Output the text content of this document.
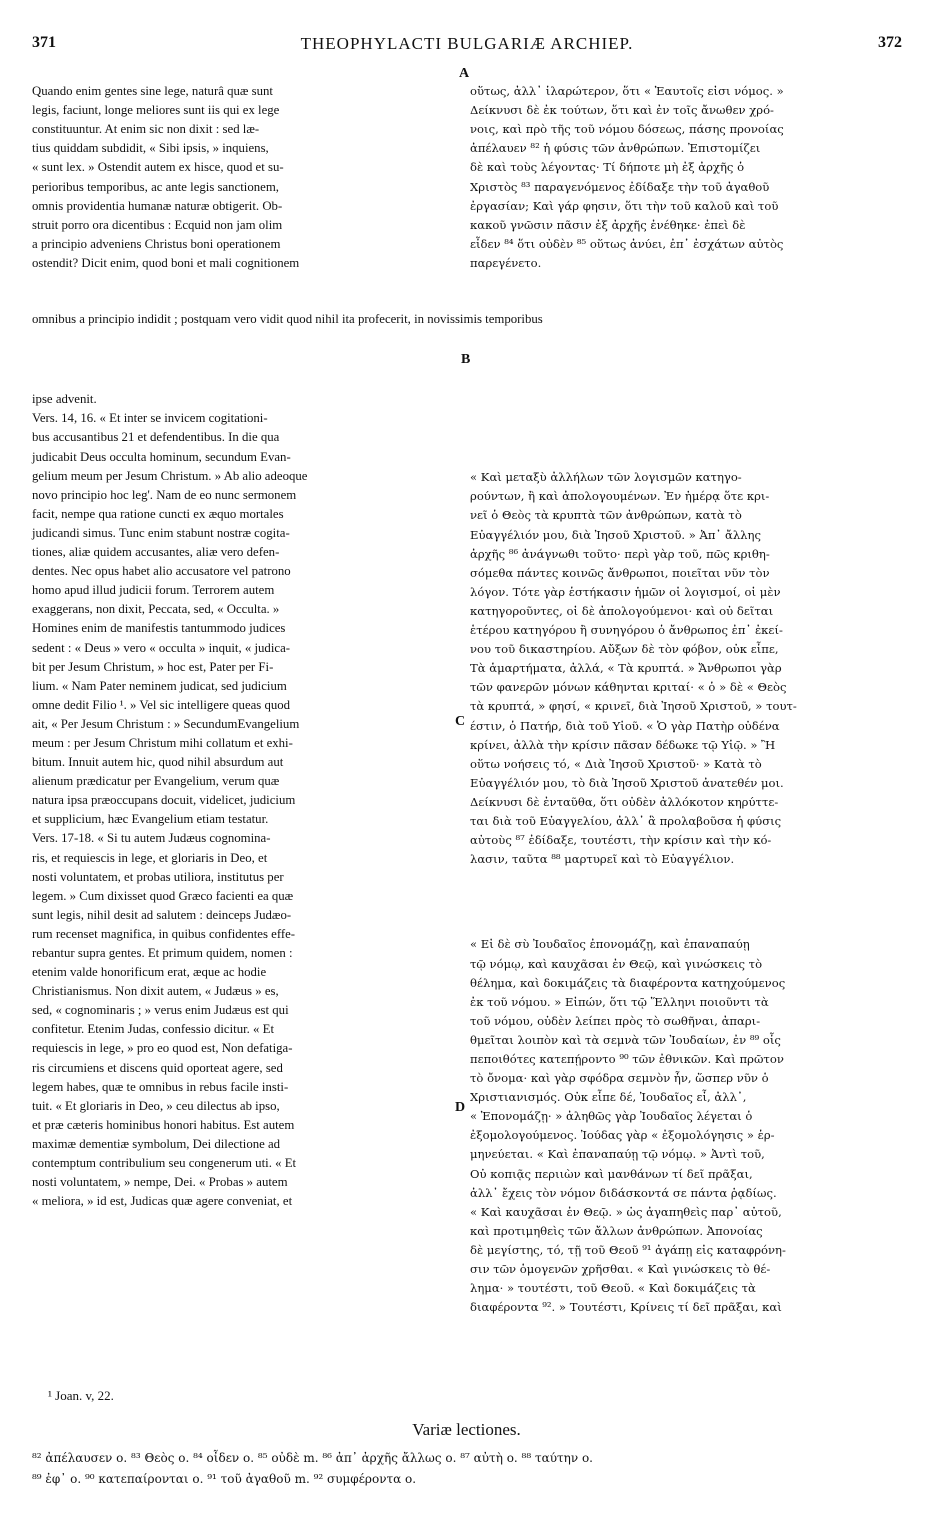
371	THEOPHYLACTI BULGARIÆ ARCHIEP.	372

Quando enim gentes sine lege, naturâ quæ sunt
legis, faciunt, longe meliores sunt iis qui ex lege
constituuntur. At enim sic non dixit : sed læ-
tius quiddam subdidit, « Sibi ipsis, » inquiens,
« sunt lex. » Ostendit autem ex hisce, quod et su-
perioribus temporibus, ac ante legis sanctionem,
omnis providentia humanæ naturæ obtigerit. Ob-
struit porro ora dicentibus : Ecquid non jam olim
a principio adveniens Christus boni operationem
ostendit? Dicit enim, quod boni et mali cognitionem

ipse advenit.
Vers. 14, 16. « Et inter se invicem cogitationi-
bus accusantibus 21 et defendentibus. In die qua
judicabit Deus occulta hominum, secundum Evan-
gelium meum per Jesum Christum. » Ab alio adeoque
novo principio hoc leg'. Nam de eo nunc sermonem
facit, nempe qua ratione cuncti ex æquo mortales
judicandi simus. Tunc enim stabunt nostræ cogita-
tiones, aliæ quidem accusantes, aliæ vero defen-
dentes. Nec opus habet alio accusatore vel patrono
homo apud illud judicii forum. Terrorem autem
exaggerans, non dixit, Peccata, sed, « Occulta. »
Homines enim de manifestis tantummodo judices
sedent : « Deus » vero « occulta » inquit, « judica-
bit per Jesum Christum, » hoc est, Pater per Fi-
lium. « Nam Pater neminem judicat, sed judicium
omne dedit Filio ¹. » Vel sic intelligere queas quod
ait, « Per Jesum Christum : » SecundumEvangelium
meum : per Jesum Christum mihi collatum et exhi-
bitum. Innuit autem hic, quod nihil absurdum aut
alienum prædicatur per Evangelium, verum quæ
natura ipsa præoccupans docuit, videlicet, judicium
et supplicium, hæc Evangelium etiam testatur.
Vers. 17-18. « Si tu autem Judæus cognomina-
ris, et requiescis in lege, et gloriaris in Deo, et
nosti voluntatem, et probas utiliora, institutus per
legem. » Cum dixisset quod Græco facienti ea quæ
sunt legis, nihil desit ad salutem : deinceps Judæo-
rum recenset magnifica, in quibus confidentes effe-
rebantur supra gentes. Et primum quidem, nomen :
etenim valde honorificum erat, æque ac hodie
Christianismus. Non dixit autem, « Judæus » es,
sed, « cognominaris ; » verus enim Judæus est qui
confitetur. Etenim Judas, confessio dicitur. « Et
requiescis in lege, » pro eo quod est, Non defatiga-
ris circumiens et discens quid oporteat agere, sed
legem habes, quæ te omnibus in rebus facile insti-
tuit. « Et gloriaris in Deo, » ceu dilectus ab ipso,
et præ cæteris hominibus honori habitus. Est autem
maximæ dementiæ symbolum, Dei dilectione ad
contemptum contribulium seu congenerum uti. « Et
nosti voluntatem, » nempe, Dei. « Probas » autem
« meliora, » id est, Judicas quæ agere conveniat, et

omnibus a principio indidit ; postquam vero vidit quod nihil ita profecerit, in novissimis temporibus

οὕτως, ἀλλ᾽ ἱλαρώτερον, ὅτι « Ἑαυτοῖς εἰσι νόμος. »
Δείκνυσι δὲ ἐκ τούτων, ὅτι καὶ ἐν τοῖς ἄνωθεν χρό-
νοις, καὶ πρὸ τῆς τοῦ νόμου δόσεως, πάσης προνοίας
ἀπέλαυεν ⁸² ἡ φύσις τῶν ἀνθρώπων. Ἐπιστομίζει
δὲ καὶ τοὺς λέγοντας· Τί δήποτε μὴ ἐξ ἀρχῆς ὁ
Χριστὸς ⁸³ παραγενόμενος ἐδίδαξε τὴν τοῦ ἀγαθοῦ
ἐργασίαν; Καὶ γάρ φησιν, ὅτι τὴν τοῦ καλοῦ καὶ τοῦ
κακοῦ γνῶσιν πᾶσιν ἐξ ἀρχῆς ἐνέθηκε· ἐπεὶ δὲ
εἶδεν ⁸⁴ ὅτι οὐδὲν ⁸⁵ οὕτως ἀνύει, ἐπ᾽ ἐσχάτων αὐτὸς
παρεγένετο.

« Καὶ μεταξὺ ἀλλήλων τῶν λογισμῶν κατηγο-
ρούντων, ἢ καὶ ἀπολογουμένων. Ἐν ἡμέρᾳ ὅτε κρι-
νεῖ ὁ Θεὸς τὰ κρυπτὰ τῶν ἀνθρώπων, κατὰ τὸ
Εὐαγγέλιόν μου, διὰ Ἰησοῦ Χριστοῦ. » Ἀπ᾽ ἄλλης
ἀρχῆς ⁸⁶ ἀνάγνωθι τοῦτο· περὶ γὰρ τοῦ, πῶς κριθη-
σόμεθα πάντες κοινῶς ἄνθρωποι, ποιεῖται νῦν τὸν
λόγον. Τότε γὰρ ἑστήκασιν ἡμῶν οἱ λογισμοί, οἱ μὲν
κατηγοροῦντες, οἱ δὲ ἀπολογούμενοι· καὶ οὐ δεῖται
ἑτέρου κατηγόρου ἢ συνηγόρου ὁ ἄνθρωπος ἐπ᾽ ἐκεί-
νου τοῦ δικαστηρίου. Αὔξων δὲ τὸν φόβον, οὐκ εἶπε,
Τὰ ἁμαρτήματα, ἀλλά, « Τὰ κρυπτά. » Ἄνθρωποι γὰρ
τῶν φανερῶν μόνων κάθηνται κριταί· « ὁ » δὲ « Θεὸς
τὰ κρυπτά, » φησί, « κρινεῖ, διὰ Ἰησοῦ Χριστοῦ, » τουτ-
έστιν, ὁ Πατήρ, διὰ τοῦ Υἱοῦ. « Ὁ γὰρ Πατὴρ οὐδένα
κρίνει, ἀλλὰ τὴν κρίσιν πᾶσαν δέδωκε τῷ Υἱῷ. » Ἢ
οὕτω νοήσεις τό, « Διὰ Ἰησοῦ Χριστοῦ· » Κατὰ τὸ
Εὐαγγέλιόν μου, τὸ διὰ Ἰησοῦ Χριστοῦ ἀνατεθέν μοι.
Δείκνυσι δὲ ἐνταῦθα, ὅτι οὐδὲν ἀλλόκοτον κηρύττε-
ται διὰ τοῦ Εὐαγγελίου, ἀλλ᾽ ἃ προλαβοῦσα ἡ φύσις
αὐτοὺς ⁸⁷ ἐδίδαξε, τουτέστι, τὴν κρίσιν καὶ τὴν κό-
λασιν, ταῦτα ⁸⁸ μαρτυρεῖ καὶ τὸ Εὐαγγέλιον.

« Εἰ δὲ σὺ Ἰουδαῖος ἐπονομάζῃ, καὶ ἐπαναπαύῃ
τῷ νόμῳ, καὶ καυχᾶσαι ἐν Θεῷ, καὶ γινώσκεις τὸ
θέλημα, καὶ δοκιμάζεις τὰ διαφέροντα κατηχούμενος
ἐκ τοῦ νόμου. » Εἰπών, ὅτι τῷ Ἕλληνι ποιοῦντι τὰ
τοῦ νόμου, οὐδὲν λείπει πρὸς τὸ σωθῆναι, ἀπαρι-
θμεῖται λοιπὸν καὶ τὰ σεμνὰ τῶν Ἰουδαίων, ἐν ⁸⁹ οἷς
πεποιθότες κατεπῄροντο ⁹⁰ τῶν ἐθνικῶν. Καὶ πρῶτον
τὸ ὄνομα· καὶ γὰρ σφόδρα σεμνὸν ἦν, ὥσπερ νῦν ὁ
Χριστιανισμός. Οὐκ εἶπε δέ, Ἰουδαῖος εἶ, ἀλλ᾽,
« Ἐπονομάζῃ· » ἀληθῶς γὰρ Ἰουδαῖος λέγεται ὁ
ἐξομολογούμενος. Ἰούδας γὰρ « ἐξομολόγησις » ἑρ-
μηνεύεται. « Καὶ ἐπαναπαύῃ τῷ νόμῳ. » Ἀντὶ τοῦ,
Οὐ κοπιᾷς περιιὼν καὶ μανθάνων τί δεῖ πρᾶξαι,
ἀλλ᾽ ἔχεις τὸν νόμον διδάσκοντά σε πάντα ῥᾳδίως.
« Καὶ καυχᾶσαι ἐν Θεῷ. » ὡς ἀγαπηθεὶς παρ᾽ αὐτοῦ,
καὶ προτιμηθεὶς τῶν ἄλλων ἀνθρώπων. Ἀπονοίας
δὲ μεγίστης, τό, τῇ τοῦ Θεοῦ ⁹¹ ἀγάπῃ εἰς καταφρόνη-
σιν τῶν ὁμογενῶν χρῆσθαι. « Καὶ γινώσκεις τὸ θέ-
λημα· » τουτέστι, τοῦ Θεοῦ. « Καὶ δοκιμάζεις τὰ
διαφέροντα ⁹². » Τουτέστι, Κρίνεις τί δεῖ πρᾶξαι, καὶ

A
B
C
D
¹ Joan. v, 22.
Variæ lectiones.
⁸² ἀπέλαυσεν ο. ⁸³ Θεὸς ο. ⁸⁴ οἶδεν ο. ⁸⁵ οὐδὲ m. ⁸⁶ ἀπ᾽ ἀρχῆς ἄλλως ο. ⁸⁷ αὐτὴ ο. ⁸⁸ ταύτην ο.
⁸⁹ ἐφ᾽ ο. ⁹⁰ κατεπαίρονται ο. ⁹¹ τοῦ ἀγαθοῦ m. ⁹² συμφέροντα ο.
